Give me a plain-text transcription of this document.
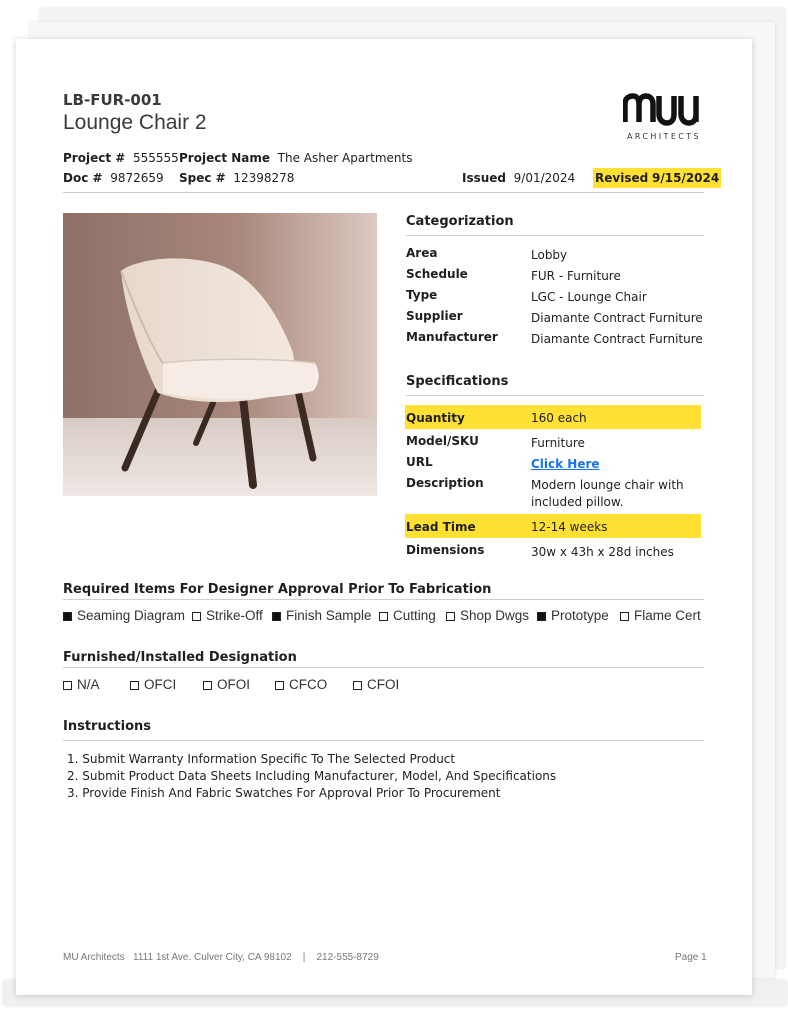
LB-FUR-001
Lounge Chair 2
ARCHITECTS
Project # 555555 Project Name The Asher Apartments
Doc # 9872659 Spec # 12398278	Issued 9/01/2024 Revised 9/15/2024
Categorization
Area	Lobby
Schedule	FUR - Furniture
Type	LGC - Lounge Chair
Supplier	Diamante Contract Furniture
Manufacturer	Diamante Contract Furniture
Specifications
Quantity	160 each
Model/SKU	Furniture
URL	Click Here
Description	Modern lounge chair with
included pillow.
Lead Time	12-14 weeks
Dimensions	30w x 43h x 28d inches
Required Items For Designer Approval Prior To Fabrication
Seaming Diagram	Strike-Off	Finish Sample	Cutting	Shop Dwgs	Prototype	Flame Cert
Furnished/Installed Designation
N/A	OFCI	OFOI	CFCO	CFOI
Instructions
1. Submit Warranty Information Specific To The Selected Product
2. Submit Product Data Sheets Including Manufacturer, Model, And Specifications
3. Provide Finish And Fabric Swatches For Approval Prior To Procurement
MU Architects 1111 1st Ave. Culver City, CA 98102 | 212-555-8729	Page 1
